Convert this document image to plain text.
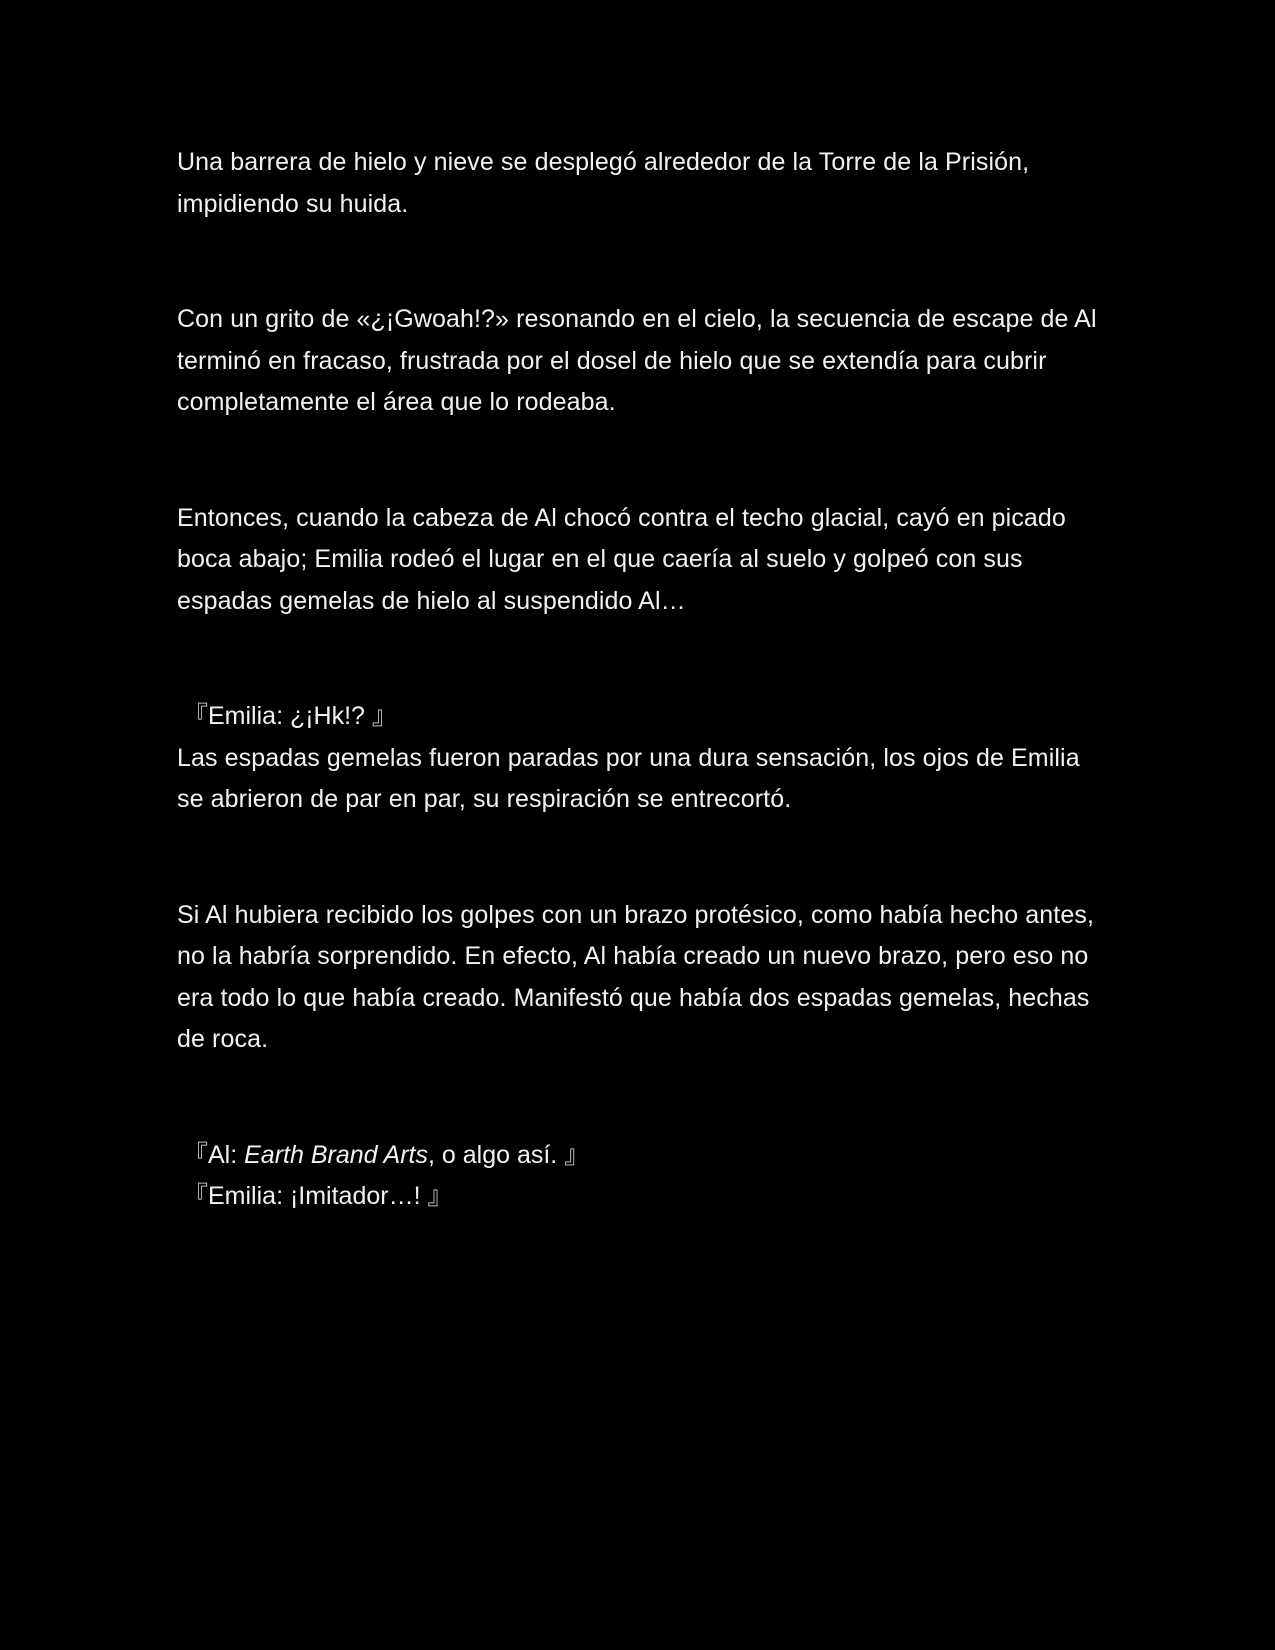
Una barrera de hielo y nieve se desplegó alrededor de la Torre de la Prisión, impidiendo su huida.

Con un grito de «¿¡Gwoah!?» resonando en el cielo, la secuencia de escape de Al terminó en fracaso, frustrada por el dosel de hielo que se extendía para cubrir completamente el área que lo rodeaba.

Entonces, cuando la cabeza de Al chocó contra el techo glacial, cayó en picado boca abajo; Emilia rodeó el lugar en el que caería al suelo y golpeó con sus espadas gemelas de hielo al suspendido Al…

『Emilia: ¿¡Hk!? 』

Las espadas gemelas fueron paradas por una dura sensación, los ojos de Emilia se abrieron de par en par, su respiración se entrecortó.

Si Al hubiera recibido los golpes con un brazo protésico, como había hecho antes, no la habría sorprendido. En efecto, Al había creado un nuevo brazo, pero eso no era todo lo que había creado. Manifestó que había dos espadas gemelas, hechas de roca.

『Al: Earth Brand Arts, o algo así. 』

『Emilia: ¡Imitador…! 』
